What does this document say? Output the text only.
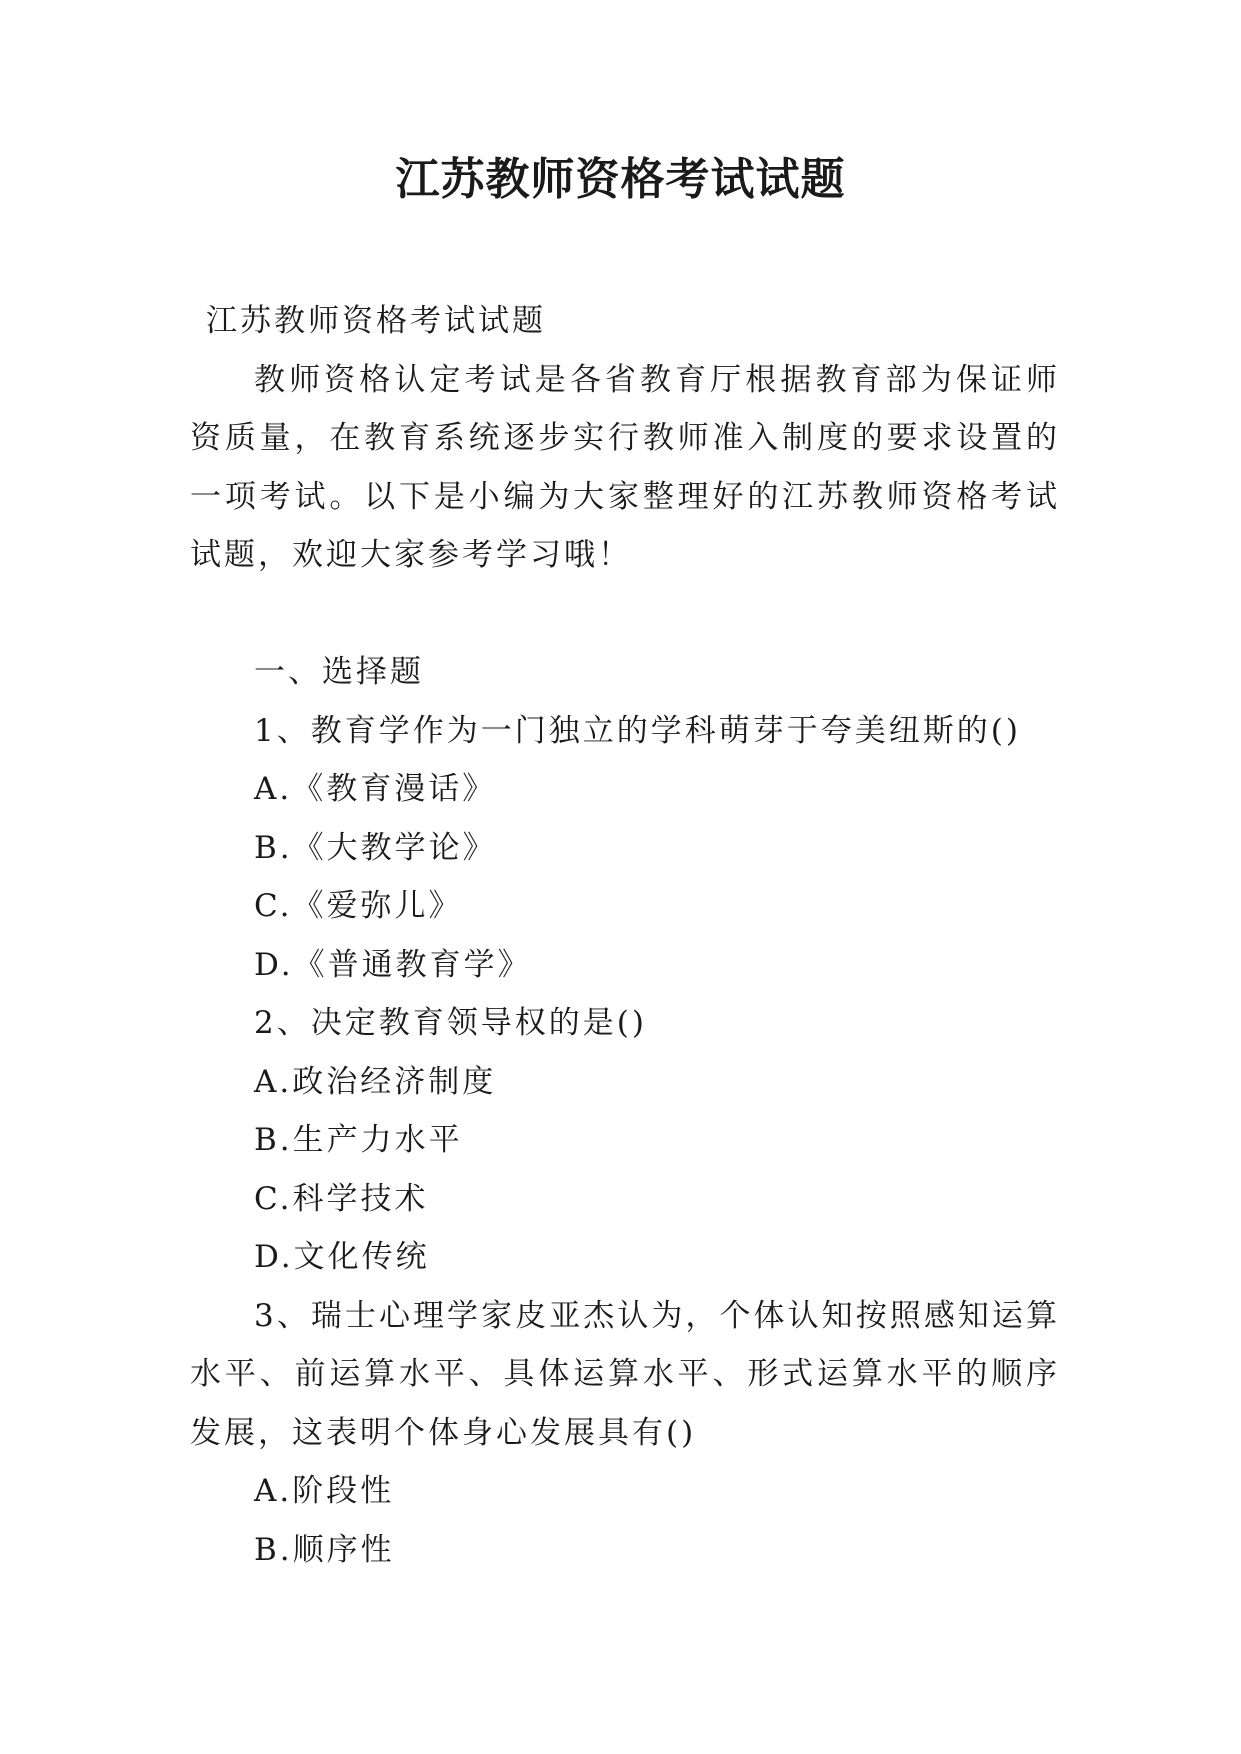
江苏教师资格考试试题

江苏教师资格考试试题

教师资格认定考试是各省教育厅根据教育部为保证师资质量，在教育系统逐步实行教师准入制度的要求设置的一项考试。以下是小编为大家整理好的江苏教师资格考试试题，欢迎大家参考学习哦！

一、选择题

1、教育学作为一门独立的学科萌芽于夸美纽斯的()

A.《教育漫话》

B.《大教学论》

C.《爱弥儿》

D.《普通教育学》

2、决定教育领导权的是()

A.政治经济制度

B.生产力水平

C.科学技术

D.文化传统

3、瑞士心理学家皮亚杰认为，个体认知按照感知运算水平、前运算水平、具体运算水平、形式运算水平的顺序发展，这表明个体身心发展具有()

A.阶段性

B.顺序性
